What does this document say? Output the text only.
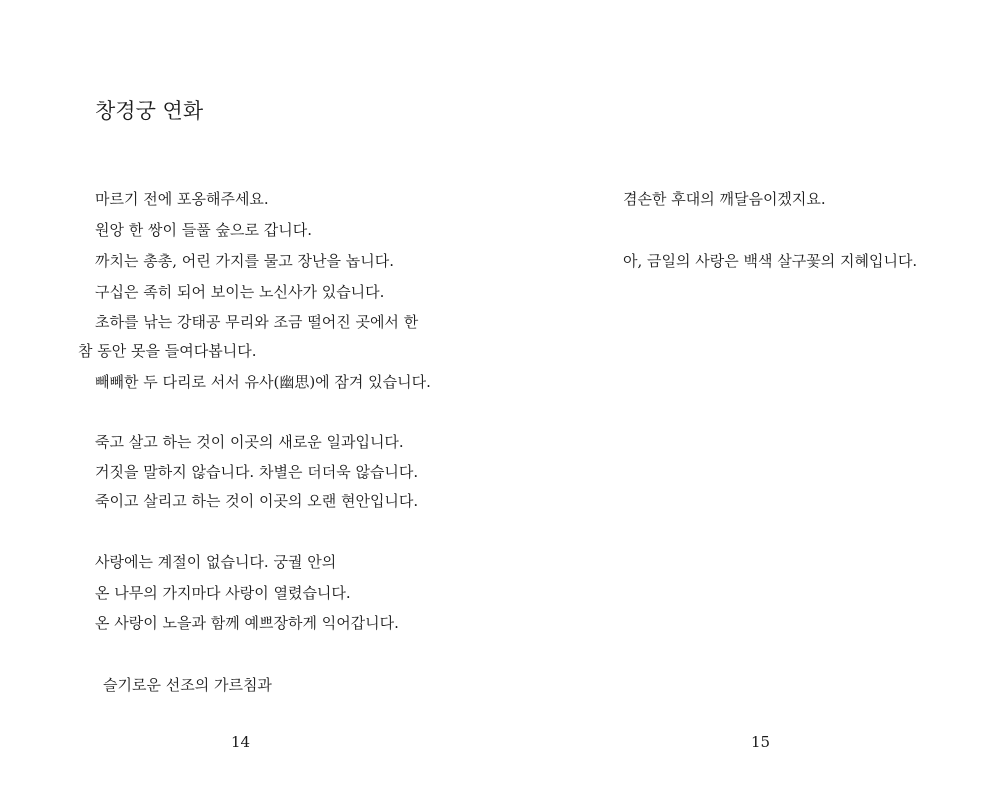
창경궁 연화
마르기 전에 포옹해주세요.
원앙 한 쌍이 들풀 숲으로 갑니다.
까치는 총총, 어린 가지를 물고 장난을 놉니다.
구십은 족히 되어 보이는 노신사가 있습니다.
초하를 낚는 강태공 무리와 조금 떨어진 곳에서 한
참 동안 못을 들여다봅니다.
빼빼한 두 다리로 서서 유사(幽思)에 잠겨 있습니다.
죽고 살고 하는 것이 이곳의 새로운 일과입니다.
거짓을 말하지 않습니다. 차별은 더더욱 않습니다.
죽이고 살리고 하는 것이 이곳의 오랜 현안입니다.
사랑에는 계절이 없습니다. 궁궐 안의
온 나무의 가지마다 사랑이 열렸습니다.
온 사랑이 노을과 함께 예쁘장하게 익어갑니다.
슬기로운 선조의 가르침과
14
겸손한 후대의 깨달음이겠지요.
아, 금일의 사랑은 백색 살구꽃의 지혜입니다.
15
